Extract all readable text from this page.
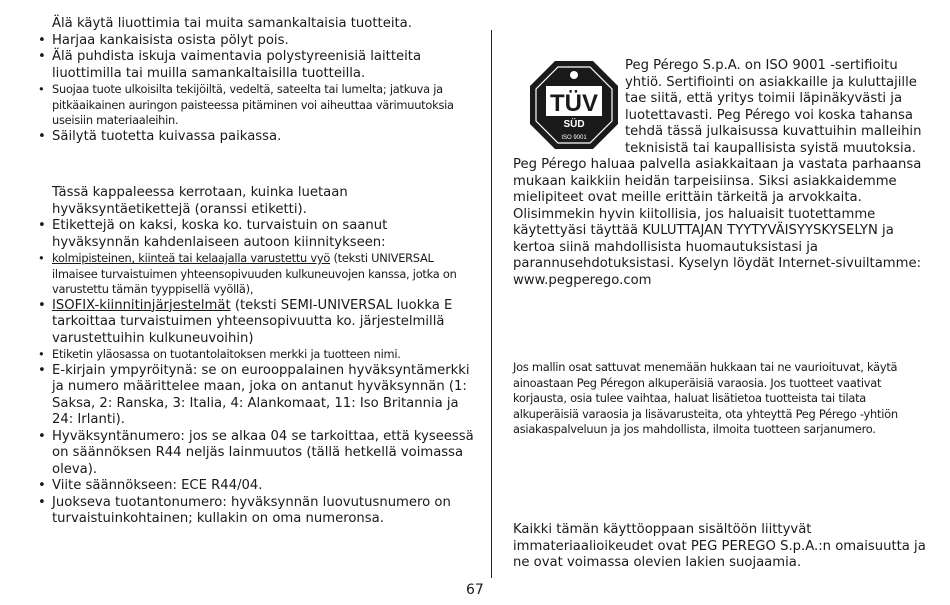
Älä käytä liuottimia tai muita samankaltaisia tuotteita.

• Harjaa kankaisista osista pölyt pois.
• Älä puhdista iskuja vaimentavia polystyreenisiä laitteita liuottimilla tai muilla samankaltaisilla tuotteilla.
• Suojaa tuote ulkoisilta tekijöiltä, vedeltä, sateelta tai lumelta; jatkuva ja pitkäaikainen auringon paisteessa pitäminen voi aiheuttaa värimuutoksia useisiin materiaaleihin.
• Säilytä tuotetta kuivassa paikassa.

Tässä kappaleessa kerrotaan, kuinka luetaan hyväksyntäetikettejä (oranssi etiketti).

• Etikettejä on kaksi, koska ko. turvaistuin on saanut hyväksynnän kahdenlaiseen autoon kiinnitykseen:
• kolmipisteinen, kiinteä tai kelaajalla varustettu vyö (teksti UNIVERSAL ilmaisee turvaistuimen yhteensopivuuden kulkuneuvojen kanssa, jotka on varustettu tämän tyyppisellä vyöllä),
• ISOFIX-kiinnitinjärjestelmät (teksti SEMI-UNIVERSAL luokka E tarkoittaa turvaistuimen yhteensopivuutta ko. järjestelmillä varustettuihin kulkuneuvoihin)
• Etiketin yläosassa on tuotantolaitoksen merkki ja tuotteen nimi.
• E-kirjain ympyröitynä: se on eurooppalainen hyväksyntämerkki ja numero määrittelee maan, joka on antanut hyväksynnän (1: Saksa, 2: Ranska, 3: Italia, 4: Alankomaat, 11: Iso Britannia ja 24: Irlanti).
• Hyväksyntänumero: jos se alkaa 04 se tarkoittaa, että kyseessä on säännöksen R44 neljäs lainmuutos (tällä hetkellä voimassa oleva).
• Viite säännökseen: ECE R44/04.
• Juokseva tuotantonumero: hyväksynnän luovutusnumero on turvaistuinkohtainen; kullakin on oma numeronsa.
TÜV
SÜD
ISO 9001

Peg Pérego S.p.A. on ISO 9001 -sertifioitu yhtiö. Sertifiointi on asiakkaille ja kuluttajille tae siitä, että yritys toimii läpinäkyvästi ja luotettavasti. Peg Pérego voi koska tahansa tehdä tässä julkaisussa kuvattuihin malleihin teknisistä tai kaupallisista syistä muutoksia. Peg Pérego haluaa palvella asiakkaitaan ja vastata parhaansa mukaan kaikkiin heidän tarpeisiinsa. Siksi asiakkaidemme mielipiteet ovat meille erittäin tärkeitä ja arvokkaita. Olisimmekin hyvin kiitollisia, jos haluaisit tuotettamme käytettyäsi täyttää KULUTTAJAN TYYTYVÄISYYSKYSELYN ja kertoa siinä mahdollisista huomautuksistasi ja parannusehdotuksistasi. Kyselyn löydät Internet-sivuiltamme: www.pegperego.com

Jos mallin osat sattuvat menemään hukkaan tai ne vaurioituvat, käytä ainoastaan Peg Péregon alkuperäisiä varaosia. Jos tuotteet vaativat korjausta, osia tulee vaihtaa, haluat lisätietoa tuotteista tai tilata alkuperäisiä varaosia ja lisävarusteita, ota yhteyttä Peg Pérego -yhtiön asiakaspalveluun ja jos mahdollista, ilmoita tuotteen sarjanumero.

Kaikki tämän käyttöoppaan sisältöön liittyvät immateriaalioikeudet ovat PEG PEREGO S.p.A.:n omaisuutta ja ne ovat voimassa olevien lakien suojaamia.

67
